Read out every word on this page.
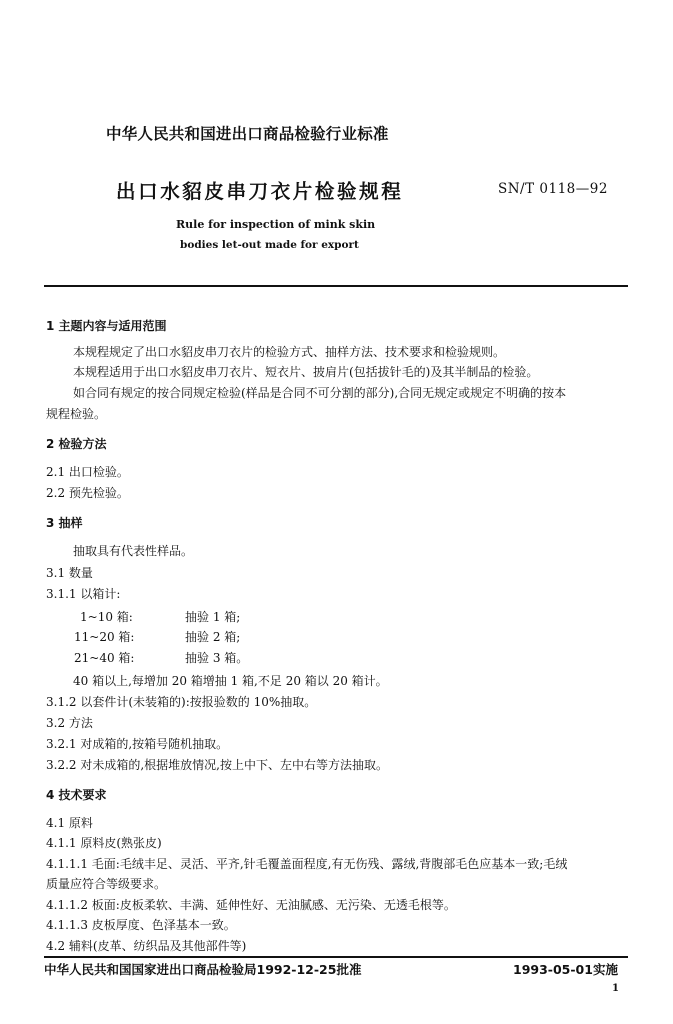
中华人民共和国进出口商品检验行业标准
出口水貂皮串刀衣片检验规程	SN/T 0118—92
Rule for inspection of mink skin
bodies let-out made for export
1 主题内容与适用范围
本规程规定了出口水貂皮串刀衣片的检验方式、抽样方法、技术要求和检验规则。
本规程适用于出口水貂皮串刀衣片、短衣片、披肩片(包括拔针毛的)及其半制品的检验。
如合同有规定的按合同规定检验(样品是合同不可分割的部分),合同无规定或规定不明确的按本
规程检验。
2 检验方法
2.1 出口检验。
2.2 预先检验。
3 抽样
抽取具有代表性样品。
3.1 数量
3.1.1 以箱计:
1~10 箱:	抽验 1 箱;
11~20 箱:	抽验 2 箱;
21~40 箱:	抽验 3 箱。
40 箱以上,每增加 20 箱增抽 1 箱,不足 20 箱以 20 箱计。
3.1.2 以套件计(未装箱的):按报验数的 10%抽取。
3.2 方法
3.2.1 对成箱的,按箱号随机抽取。
3.2.2 对未成箱的,根据堆放情况,按上中下、左中右等方法抽取。
4 技术要求
4.1 原料
4.1.1 原料皮(熟张皮)
4.1.1.1 毛面:毛绒丰足、灵活、平齐,针毛覆盖面程度,有无伤残、露绒,背腹部毛色应基本一致;毛绒
质量应符合等级要求。
4.1.1.2 板面:皮板柔软、丰满、延伸性好、无油腻感、无污染、无透毛根等。
4.1.1.3 皮板厚度、色泽基本一致。
4.2 辅料(皮革、纺织品及其他部件等)
中华人民共和国国家进出口商品检验局1992-12-25批准	1993-05-01实施
1
